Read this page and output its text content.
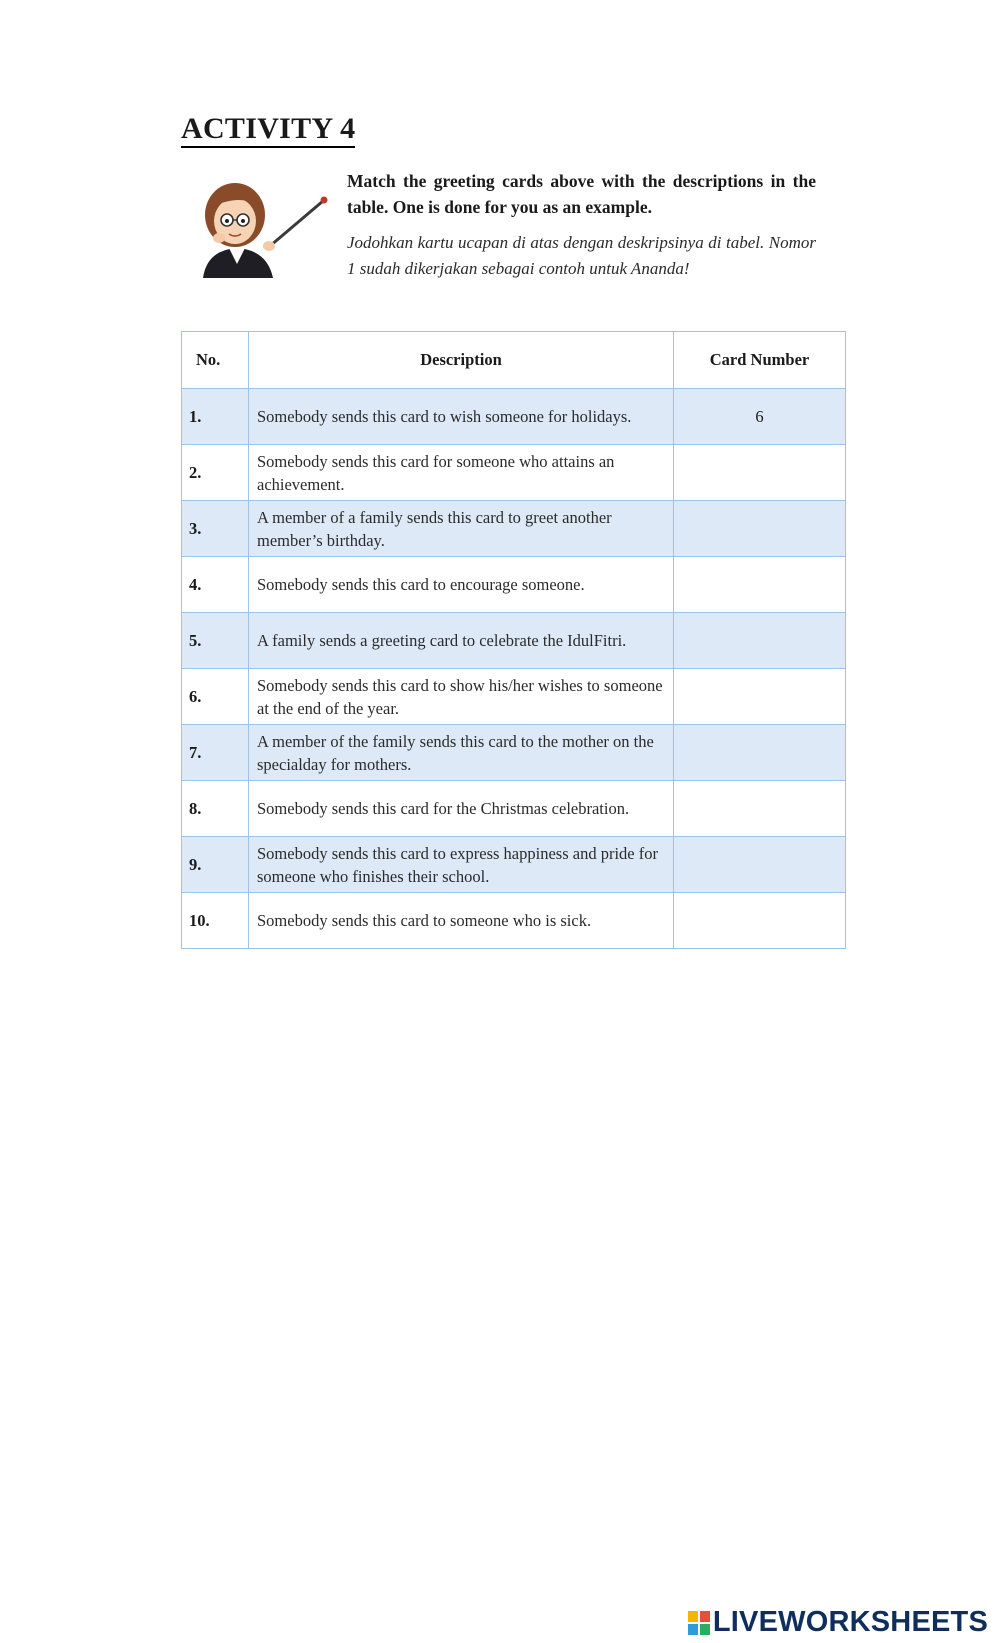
ACTIVITY 4

Match the greeting cards above with the descriptions in the table. One is done for you as an example.

Jodohkan kartu ucapan di atas dengan deskripsinya di tabel. Nomor 1 sudah dikerjakan sebagai contoh untuk Ananda!

No.	Description	Card Number
1.	Somebody sends this card to wish someone for holidays.	6
2.	Somebody sends this card for someone who attains an achievement.	
3.	A member of a family sends this card to greet another member’s birthday.	
4.	Somebody sends this card to encourage someone.	
5.	A family sends a greeting card to celebrate the IdulFitri.	
6.	Somebody sends this card to show his/her wishes to someone at the end of the year.	
7.	A member of the family sends this card to the mother on the specialday for mothers.	
8.	Somebody sends this card for the Christmas celebration.	
9.	Somebody sends this card to express happiness and pride for someone who finishes their school.	
10.	Somebody sends this card to someone who is sick.	
LIVEWORKSHEETS
